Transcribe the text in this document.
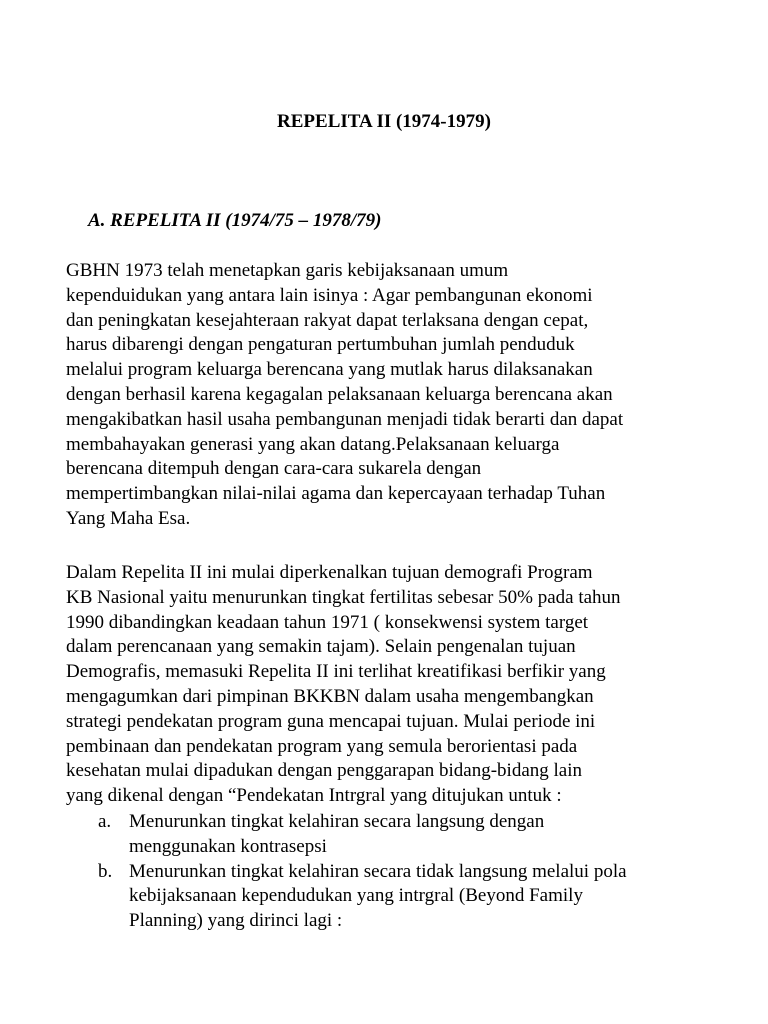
REPELITA II (1974-1979)
A. REPELITA II (1974/75 – 1978/79)
GBHN 1973 telah menetapkan garis kebijaksanaan umum
kependuidukan yang antara lain isinya : Agar pembangunan ekonomi
dan peningkatan kesejahteraan rakyat dapat terlaksana dengan cepat,
harus dibarengi dengan pengaturan pertumbuhan jumlah penduduk
melalui program keluarga berencana yang mutlak harus dilaksanakan
dengan berhasil karena kegagalan pelaksanaan keluarga berencana akan
mengakibatkan hasil usaha pembangunan menjadi tidak berarti dan dapat
membahayakan generasi yang akan datang.Pelaksanaan keluarga
berencana ditempuh dengan cara-cara sukarela dengan
mempertimbangkan nilai-nilai agama dan kepercayaan terhadap Tuhan
Yang Maha Esa.
Dalam Repelita II ini mulai diperkenalkan tujuan demografi Program
KB Nasional yaitu menurunkan tingkat fertilitas sebesar 50% pada tahun
1990 dibandingkan keadaan tahun 1971 ( konsekwensi system target
dalam perencanaan yang semakin tajam). Selain pengenalan tujuan
Demografis, memasuki Repelita II ini terlihat kreatifikasi berfikir yang
mengagumkan dari pimpinan BKKBN dalam usaha mengembangkan
strategi pendekatan program guna mencapai tujuan. Mulai periode ini
pembinaan dan pendekatan program yang semula berorientasi pada
kesehatan mulai dipadukan dengan penggarapan bidang-bidang lain
yang dikenal dengan “Pendekatan Intrgral yang ditujukan untuk :
a. Menurunkan tingkat kelahiran secara langsung dengan
menggunakan kontrasepsi
b. Menurunkan tingkat kelahiran secara tidak langsung melalui pola
kebijaksanaan kependudukan yang intrgral (Beyond Family
Planning) yang dirinci lagi :
